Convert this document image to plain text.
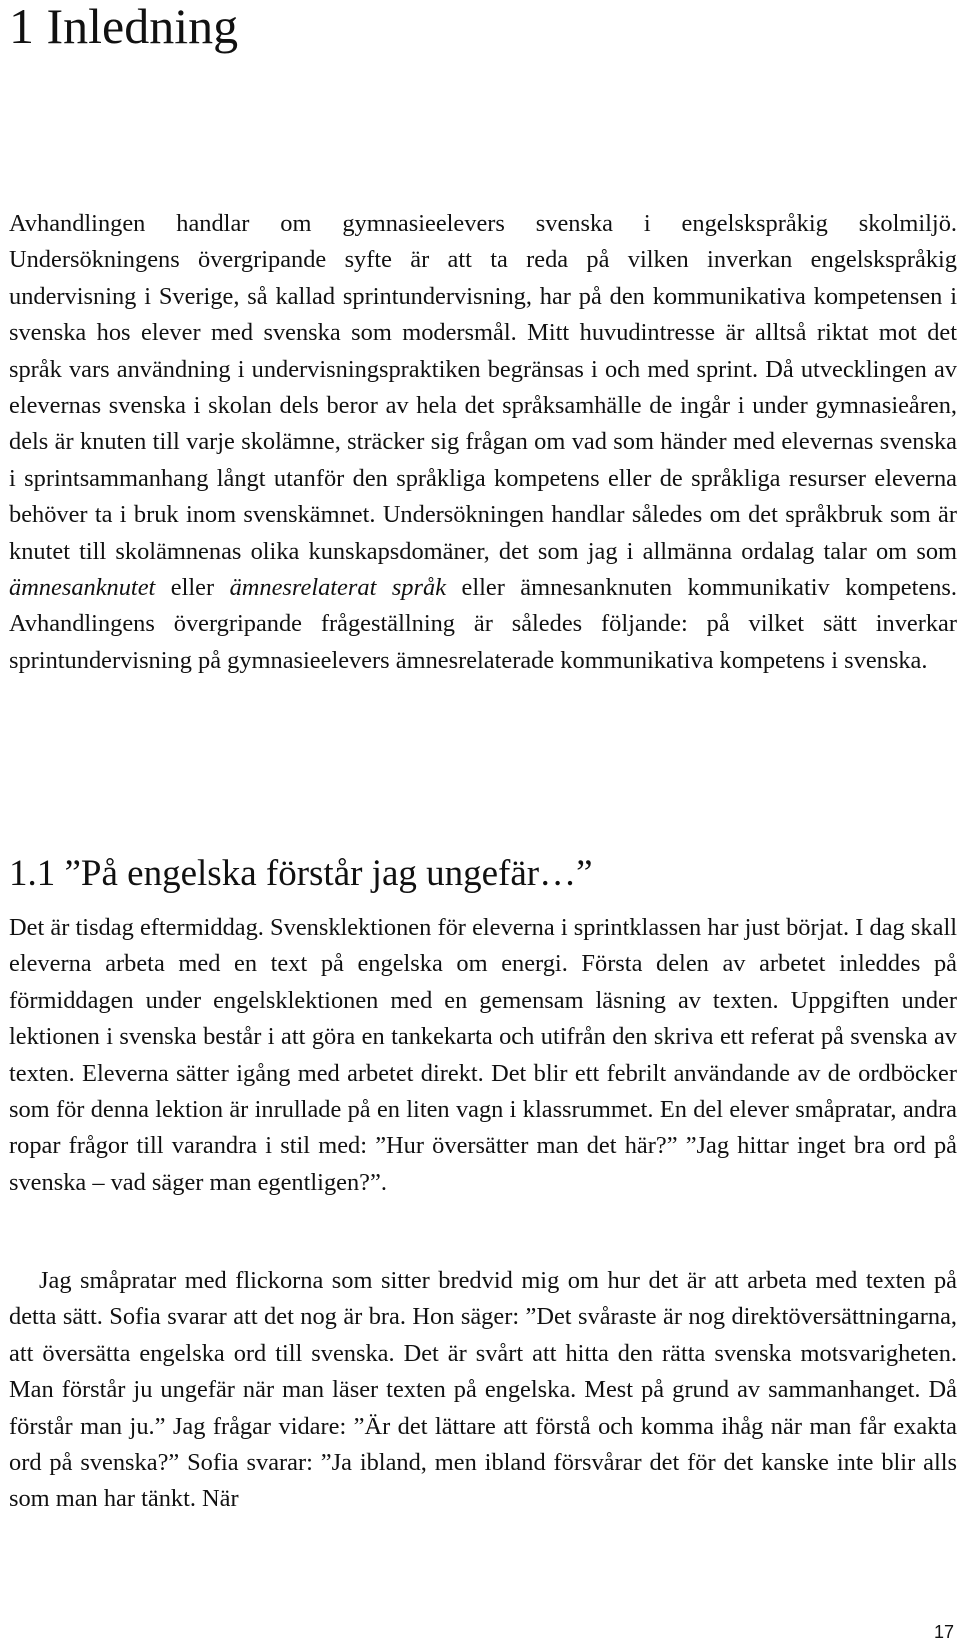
1 Inledning

Avhandlingen handlar om gymnasieelevers svenska i engelskspråkig skolmiljö. Undersökningens övergripande syfte är att ta reda på vilken inverkan engelskspråkig undervisning i Sverige, så kallad sprintundervisning, har på den kommunikativa kompetensen i svenska hos elever med svenska som modersmål. Mitt huvudintresse är alltså riktat mot det språk vars användning i undervisningspraktiken begränsas i och med sprint. Då utvecklingen av elevernas svenska i skolan dels beror av hela det språksamhälle de ingår i under gymnasieåren, dels är knuten till varje skolämne, sträcker sig frågan om vad som händer med elevernas svenska i sprintsammanhang långt utanför den språkliga kompetens eller de språkliga resurser eleverna behöver ta i bruk inom svenskämnet. Undersökningen handlar således om det språkbruk som är knutet till skolämnenas olika kunskapsdomäner, det som jag i allmänna ordalag talar om som ämnesanknutet eller ämnesrelaterat språk eller ämnesanknuten kommunikativ kompetens. Avhandlingens övergripande frågeställning är således följande: på vilket sätt inverkar sprintundervisning på gymnasieelevers ämnesrelaterade kommunikativa kompetens i svenska.

1.1 ”På engelska förstår jag ungefär…”

Det är tisdag eftermiddag. Svensklektionen för eleverna i sprintklassen har just börjat. I dag skall eleverna arbeta med en text på engelska om energi. Första delen av arbetet inleddes på förmiddagen under engelsklektionen med en gemensam läsning av texten. Uppgiften under lektionen i svenska består i att göra en tankekarta och utifrån den skriva ett referat på svenska av texten. Eleverna sätter igång med arbetet direkt. Det blir ett febrilt användande av de ordböcker som för denna lektion är inrullade på en liten vagn i klassrummet. En del elever småpratar, andra ropar frågor till varandra i stil med: ”Hur översätter man det här?” ”Jag hittar inget bra ord på svenska – vad säger man egentligen?”.

Jag småpratar med flickorna som sitter bredvid mig om hur det är att arbeta med texten på detta sätt. Sofia svarar att det nog är bra. Hon säger: ”Det svåraste är nog direktöversättningarna, att översätta engelska ord till svenska. Det är svårt att hitta den rätta svenska motsvarigheten. Man förstår ju ungefär när man läser texten på engelska. Mest på grund av sammanhanget. Då förstår man ju.” Jag frågar vidare: ”Är det lättare att förstå och komma ihåg när man får exakta ord på svenska?” Sofia svarar: ”Ja ibland, men ibland försvårar det för det kanske inte blir alls som man har tänkt. När

17
